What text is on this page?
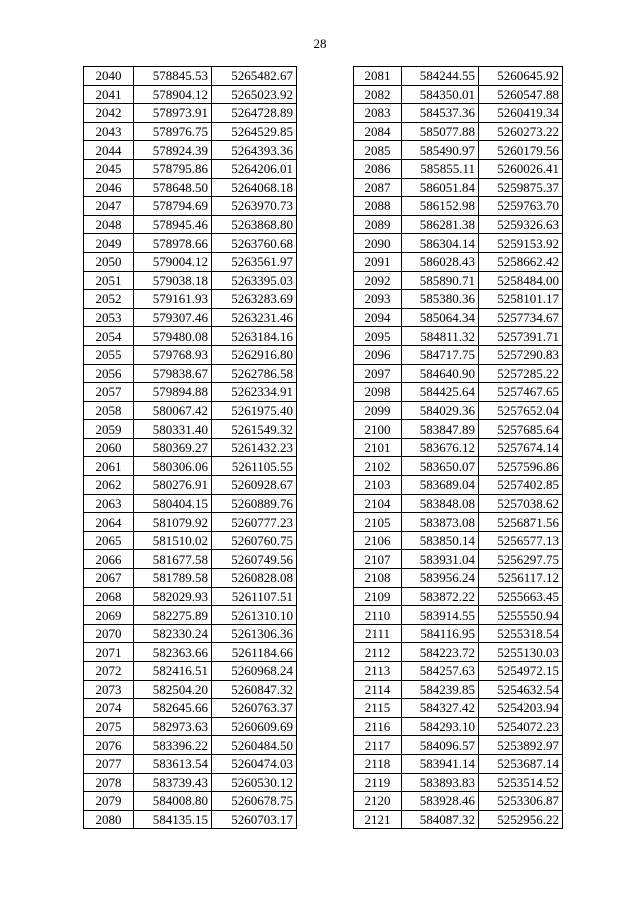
28
2040	578845.53	5265482.67
2041	578904.12	5265023.92
2042	578973.91	5264728.89
2043	578976.75	5264529.85
2044	578924.39	5264393.36
2045	578795.86	5264206.01
2046	578648.50	5264068.18
2047	578794.69	5263970.73
2048	578945.46	5263868.80
2049	578978.66	5263760.68
2050	579004.12	5263561.97
2051	579038.18	5263395.03
2052	579161.93	5263283.69
2053	579307.46	5263231.46
2054	579480.08	5263184.16
2055	579768.93	5262916.80
2056	579838.67	5262786.58
2057	579894.88	5262334.91
2058	580067.42	5261975.40
2059	580331.40	5261549.32
2060	580369.27	5261432.23
2061	580306.06	5261105.55
2062	580276.91	5260928.67
2063	580404.15	5260889.76
2064	581079.92	5260777.23
2065	581510.02	5260760.75
2066	581677.58	5260749.56
2067	581789.58	5260828.08
2068	582029.93	5261107.51
2069	582275.89	5261310.10
2070	582330.24	5261306.36
2071	582363.66	5261184.66
2072	582416.51	5260968.24
2073	582504.20	5260847.32
2074	582645.66	5260763.37
2075	582973.63	5260609.69
2076	583396.22	5260484.50
2077	583613.54	5260474.03
2078	583739.43	5260530.12
2079	584008.80	5260678.75
2080	584135.15	5260703.17
2081	584244.55	5260645.92
2082	584350.01	5260547.88
2083	584537.36	5260419.34
2084	585077.88	5260273.22
2085	585490.97	5260179.56
2086	585855.11	5260026.41
2087	586051.84	5259875.37
2088	586152.98	5259763.70
2089	586281.38	5259326.63
2090	586304.14	5259153.92
2091	586028.43	5258662.42
2092	585890.71	5258484.00
2093	585380.36	5258101.17
2094	585064.34	5257734.67
2095	584811.32	5257391.71
2096	584717.75	5257290.83
2097	584640.90	5257285.22
2098	584425.64	5257467.65
2099	584029.36	5257652.04
2100	583847.89	5257685.64
2101	583676.12	5257674.14
2102	583650.07	5257596.86
2103	583689.04	5257402.85
2104	583848.08	5257038.62
2105	583873.08	5256871.56
2106	583850.14	5256577.13
2107	583931.04	5256297.75
2108	583956.24	5256117.12
2109	583872.22	5255663.45
2110	583914.55	5255550.94
2111	584116.95	5255318.54
2112	584223.72	5255130.03
2113	584257.63	5254972.15
2114	584239.85	5254632.54
2115	584327.42	5254203.94
2116	584293.10	5254072.23
2117	584096.57	5253892.97
2118	583941.14	5253687.14
2119	583893.83	5253514.52
2120	583928.46	5253306.87
2121	584087.32	5252956.22
